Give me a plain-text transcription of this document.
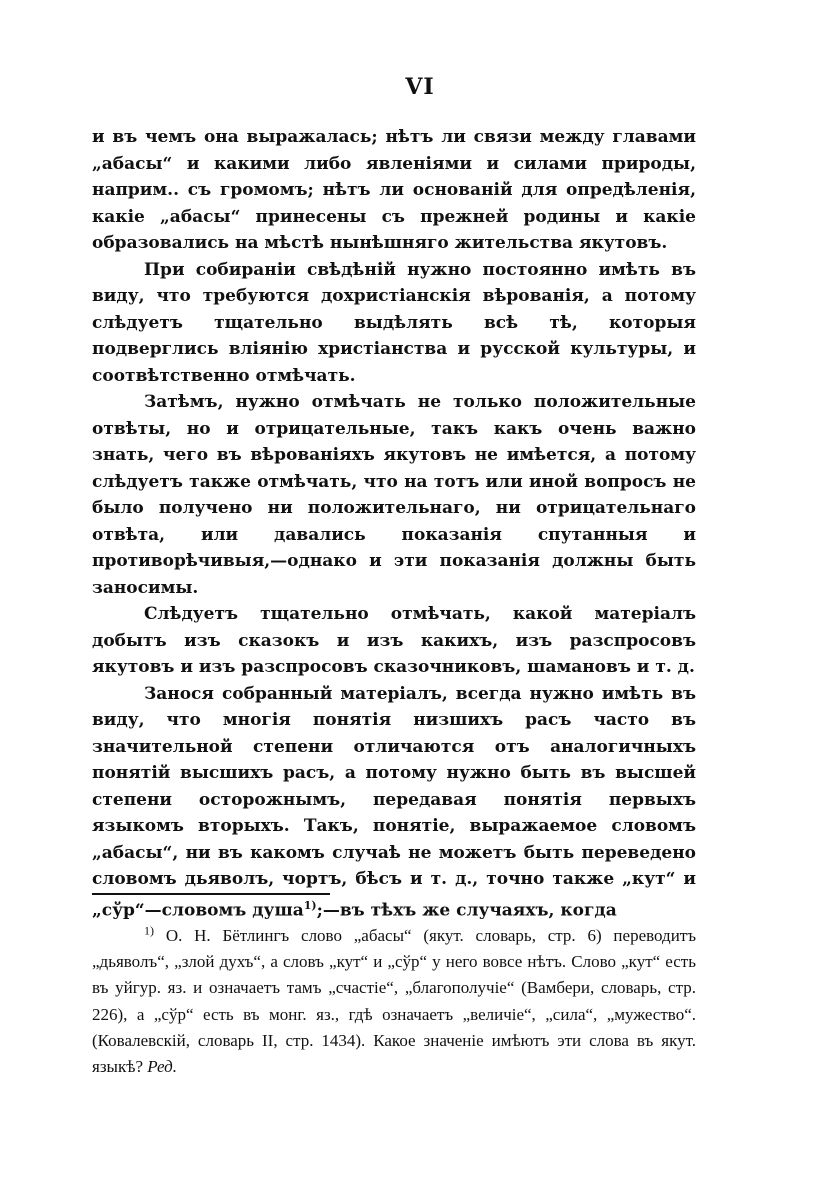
VI

и въ чемъ она выражалась; нѣтъ ли связи между главами „абасы“ и какими либо явленіями и силами природы, наприм.. съ громомъ; нѣтъ ли основаній для опредѣленія, какіе „абасы“ принесены съ прежней родины и какіе образовались на мѣстѣ нынѣшняго жительства якутовъ.

При собираніи свѣдѣній нужно постоянно имѣть въ виду, что требуются дохристіанскія вѣрованія, а потому слѣдуетъ тщательно выдѣлять всѣ тѣ, которыя подверглись вліянію христіанства и русской культуры, и соотвѣтственно отмѣчать.

Затѣмъ, нужно отмѣчать не только положительные отвѣты, но и отрицательные, такъ какъ очень важно знать, чего въ вѣрованіяхъ якутовъ не имѣется, а потому слѣдуетъ также отмѣчать, что на тотъ или иной вопросъ не было получено ни положительнаго, ни отрицательнаго отвѣта, или давались показанія спутанныя и противорѣчивыя,—однако и эти показанія должны быть заносимы.

Слѣдуетъ тщательно отмѣчать, какой матеріалъ добытъ изъ сказокъ и изъ какихъ, изъ разспросовъ якутовъ и изъ разспросовъ сказочниковъ, шамановъ и т. д.

Занося собранный матеріалъ, всегда нужно имѣть въ виду, что многія понятія низшихъ расъ часто въ значительной степени отличаются отъ аналогичныхъ понятій высшихъ расъ, а потому нужно быть въ высшей степени осторожнымъ, передавая понятія первыхъ языкомъ вторыхъ. Такъ, понятіе, выражаемое словомъ „абасы“, ни въ какомъ случаѣ не можетъ быть переведено словомъ дьяволъ, чортъ, бѣсъ и т. д., точно также „кут“ и „сўр“—словомъ душа$^{1)}$;—въ тѣхъ же случаяхъ, когда

$^{1)}$ О. Н. Бётлингъ слово „абасы“ (якут. словарь, стр. 6) переводитъ „дьяволъ“, „злой духъ“, а словъ „кут“ и „сўр“ у него вовсе нѣтъ. Слово „кут“ есть въ уйгур. яз. и означаетъ тамъ „счастіе“, „благополучіе“ (Вамбери, словарь, стр. 226), а „сўр“ есть въ монг. яз., гдѣ означаетъ „величіе“, „сила“, „мужество“. (Ковалевскій, словарь II, стр. 1434). Какое значеніе имѣютъ эти слова въ якут. языкѣ? Ред.
